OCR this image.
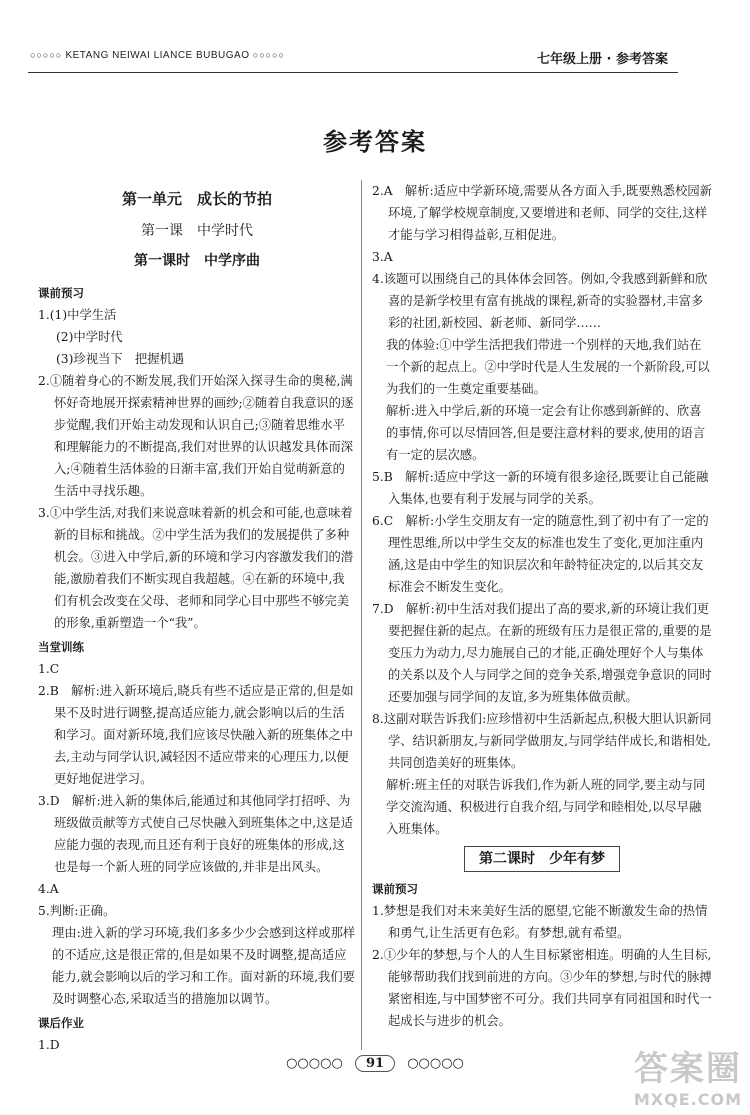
○○○○○ KETANG NEIWAI LIANCE BUBUGAO ○○○○○	七年级上册 · 参考答案
参考答案
第一单元　成长的节拍
第一课　中学时代
第一课时　中学序曲
课前预习
1.(1)中学生活
(2)中学时代
(3)珍视当下　把握机遇
2.①随着身心的不断发展,我们开始深入探寻生命的奥秘,满怀好奇地展开探索精神世界的画纱;②随着自我意识的逐步觉醒,我们开始主动发现和认识自己;③随着思维水平和理解能力的不断提高,我们对世界的认识越发具体而深入;④随着生活体验的日渐丰富,我们开始自觉萌新意的生活中寻找乐趣。
3.①中学生活,对我们来说意味着新的机会和可能,也意味着新的目标和挑战。②中学生活为我们的发展提供了多种机会。③进入中学后,新的环境和学习内容激发我们的潜能,激励着我们不断实现自我超越。④在新的环境中,我们有机会改变在父母、老师和同学心目中那些不够完美的形象,重新塑造一个“我”。
当堂训练
1.C
2.B　解析:进入新环境后,晓兵有些不适应是正常的,但是如果不及时进行调整,提高适应能力,就会影响以后的生活和学习。面对新环境,我们应该尽快融入新的班集体之中去,主动与同学认识,减轻因不适应带来的心理压力,以便更好地促进学习。
3.D　解析:进入新的集体后,能通过和其他同学打招呼、为班级做贡献等方式使自己尽快融入到班集体之中,这是适应能力强的表现,而且还有利于良好的班集体的形成,这也是每一个新人班的同学应该做的,并非是出风头。
4.A
5.判断:正确。
理由:进入新的学习环境,我们多多少少会感到这样或那样的不适应,这是很正常的,但是如果不及时调整,提高适应能力,就会影响以后的学习和工作。面对新的环境,我们要及时调整心态,采取适当的措施加以调节。
课后作业
1.D
2.A　解析:适应中学新环境,需要从各方面入手,既要熟悉校园新环境,了解学校规章制度,又要增进和老师、同学的交往,这样才能与学习相得益彰,互相促进。
3.A
4.该题可以围绕自己的具体体会回答。例如,令我感到新鲜和欣喜的是新学校里有富有挑战的课程,新奇的实验器材,丰富多彩的社团,新校园、新老师、新同学……
我的体验:①中学生活把我们带进一个别样的天地,我们站在一个新的起点上。②中学时代是人生发展的一个新阶段,可以为我们的一生奠定重要基础。
解析:进入中学后,新的环境一定会有让你感到新鲜的、欣喜的事情,你可以尽情回答,但是要注意材料的要求,使用的语言有一定的层次感。
5.B　解析:适应中学这一新的环境有很多途径,既要让自己能融入集体,也要有利于发展与同学的关系。
6.C　解析:小学生交朋友有一定的随意性,到了初中有了一定的理性思维,所以中学生交友的标准也发生了变化,更加注重内涵,这是由中学生的知识层次和年龄特征决定的,以后其交友标准会不断发生变化。
7.D　解析:初中生活对我们提出了高的要求,新的环境让我们更要把握住新的起点。在新的班级有压力是很正常的,重要的是变压力为动力,尽力施展自己的才能,正确处理好个人与集体的关系以及个人与同学之间的竞争关系,增强竞争意识的同时还要加强与同学间的友谊,多为班集体做贡献。
8.这副对联告诉我们:应珍惜初中生活新起点,积极大胆认识新同学、结识新朋友,与新同学做朋友,与同学结伴成长,和谐相处,共同创造美好的班集体。
解析:班主任的对联告诉我们,作为新人班的同学,要主动与同学交流沟通、积极进行自我介绍,与同学和睦相处,以尽早融入班集体。
第二课时　少年有梦
课前预习
1.梦想是我们对未来美好生活的愿望,它能不断激发生命的热情和勇气,让生活更有色彩。有梦想,就有希望。
2.①少年的梦想,与个人的人生目标紧密相连。明确的人生目标,能够帮助我们找到前进的方向。③少年的梦想,与时代的脉搏紧密相连,与中国梦密不可分。我们共同享有同祖国和时代一起成长与进步的机会。
○○○○○ 91 ○○○○○	答案圈
MXQE.COM
